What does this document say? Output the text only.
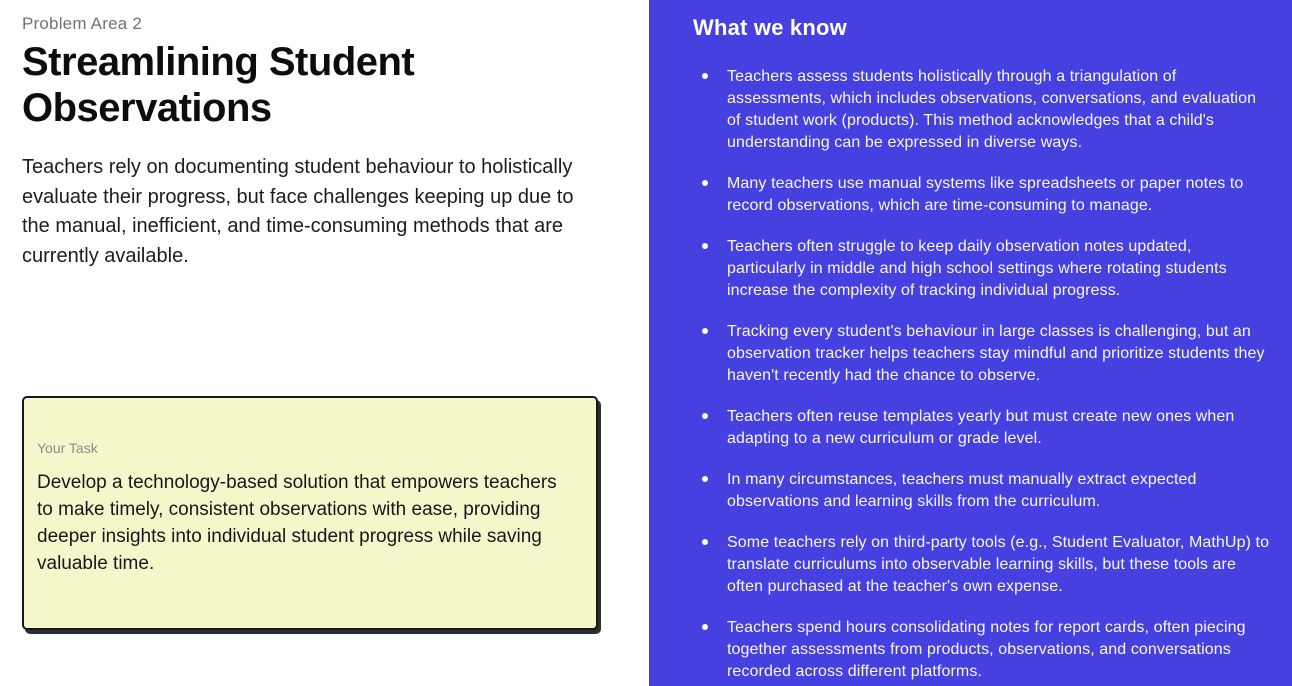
Problem Area 2
Streamlining Student Observations

Teachers rely on documenting student behaviour to holistically evaluate their progress, but face challenges keeping up due to the manual, inefficient, and time-consuming methods that are currently available.

Your Task

Develop a technology-based solution that empowers teachers to make timely, consistent observations with ease, providing deeper insights into individual student progress while saving valuable time.

What we know
Teachers assess students holistically through a triangulation of assessments, which includes observations, conversations, and evaluation of student work (products). This method acknowledges that a child's understanding can be expressed in diverse ways.
Many teachers use manual systems like spreadsheets or paper notes to record observations, which are time-consuming to manage.
Teachers often struggle to keep daily observation notes updated, particularly in middle and high school settings where rotating students increase the complexity of tracking individual progress.
Tracking every student's behaviour in large classes is challenging, but an observation tracker helps teachers stay mindful and prioritize students they haven't recently had the chance to observe.
Teachers often reuse templates yearly but must create new ones when adapting to a new curriculum or grade level.
In many circumstances, teachers must manually extract expected observations and learning skills from the curriculum.
Some teachers rely on third-party tools (e.g., Student Evaluator, MathUp) to translate curriculums into observable learning skills, but these tools are often purchased at the teacher's own expense.
Teachers spend hours consolidating notes for report cards, often piecing together assessments from products, observations, and conversations recorded across different platforms.
